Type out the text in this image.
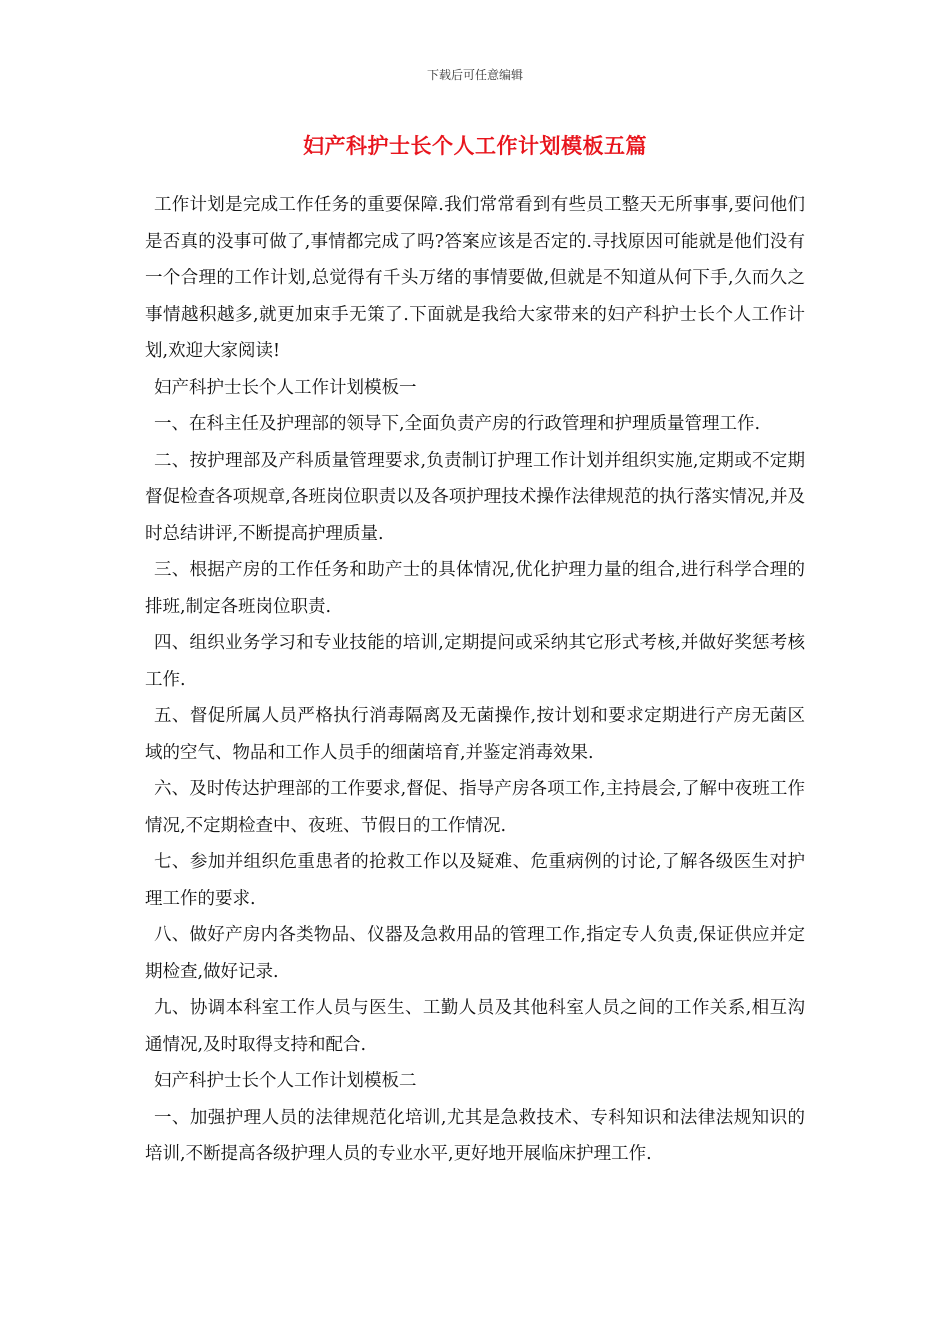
下载后可任意编辑
妇产科护士长个人工作计划模板五篇

工作计划是完成工作任务的重要保障.我们常常看到有些员工整天无所事事,要问他们是否真的没事可做了,事情都完成了吗?答案应该是否定的.寻找原因可能就是他们没有一个合理的工作计划,总觉得有千头万绪的事情要做,但就是不知道从何下手,久而久之事情越积越多,就更加束手无策了.下面就是我给大家带来的妇产科护士长个人工作计划,欢迎大家阅读!

妇产科护士长个人工作计划模板一

一、在科主任及护理部的领导下,全面负责产房的行政管理和护理质量管理工作.

二、按护理部及产科质量管理要求,负责制订护理工作计划并组织实施,定期或不定期督促检查各项规章,各班岗位职责以及各项护理技术操作法律规范的执行落实情况,并及时总结讲评,不断提高护理质量.

三、根据产房的工作任务和助产士的具体情况,优化护理力量的组合,进行科学合理的排班,制定各班岗位职责.

四、组织业务学习和专业技能的培训,定期提问或采纳其它形式考核,并做好奖惩考核工作.

五、督促所属人员严格执行消毒隔离及无菌操作,按计划和要求定期进行产房无菌区域的空气、物品和工作人员手的细菌培育,并鉴定消毒效果.

六、及时传达护理部的工作要求,督促、指导产房各项工作,主持晨会,了解中夜班工作情况,不定期检查中、夜班、节假日的工作情况.

七、参加并组织危重患者的抢救工作以及疑难、危重病例的讨论,了解各级医生对护理工作的要求.

八、做好产房内各类物品、仪器及急救用品的管理工作,指定专人负责,保证供应并定期检查,做好记录.

九、协调本科室工作人员与医生、工勤人员及其他科室人员之间的工作关系,相互沟通情况,及时取得支持和配合.

妇产科护士长个人工作计划模板二

一、加强护理人员的法律规范化培训,尤其是急救技术、专科知识和法律法规知识的培训,不断提高各级护理人员的专业水平,更好地开展临床护理工作.
